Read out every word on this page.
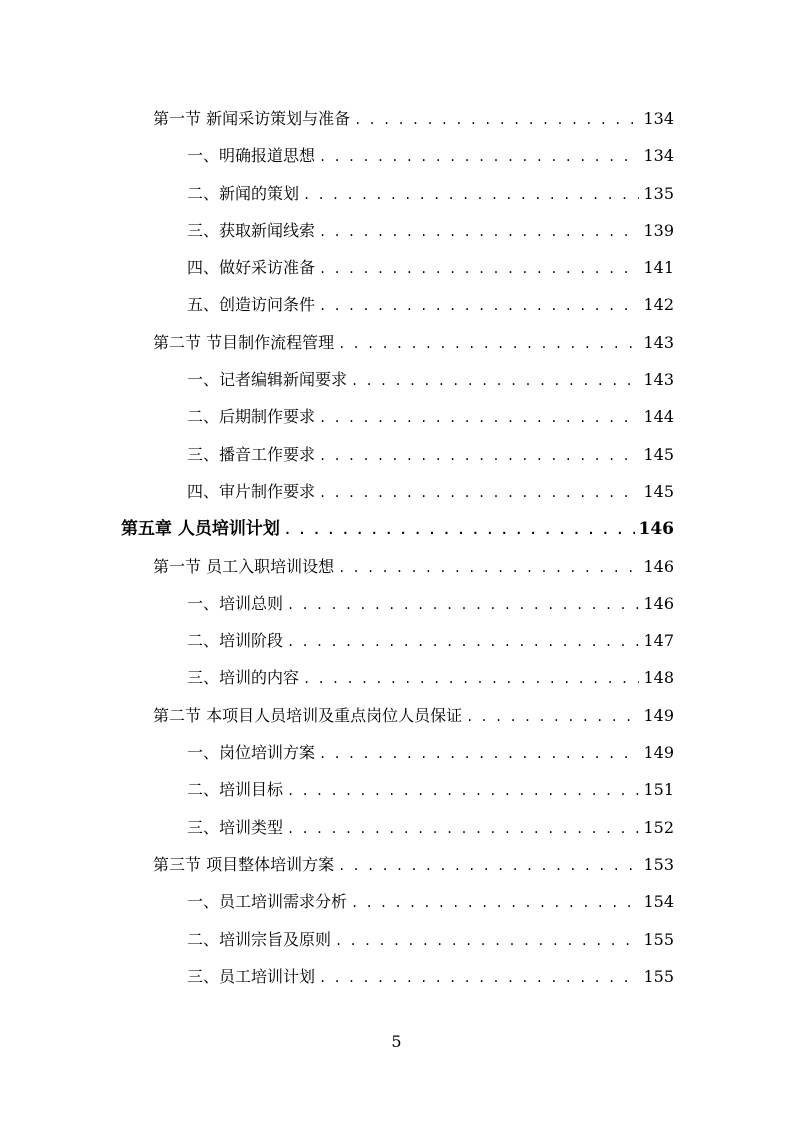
第一节 新闻采访策划与准备 . . .	134
一、明确报道思想 . . .	134
二、新闻的策划 . . .	135
三、获取新闻线索 . . .	139
四、做好采访准备 . . .	141
五、创造访问条件 . . .	142
第二节 节目制作流程管理 . . .	143
一、记者编辑新闻要求 . . .	143
二、后期制作要求 . . .	144
三、播音工作要求 . . .	145
四、审片制作要求 . . .	145
第五章 人员培训计划 . . .	146
第一节 员工入职培训设想 . . .	146
一、培训总则 . . .	146
二、培训阶段 . . .	147
三、培训的内容 . . .	148
第二节 本项目人员培训及重点岗位人员保证 . . .	149
一、岗位培训方案 . . .	149
二、培训目标 . . .	151
三、培训类型 . . .	152
第三节 项目整体培训方案 . . .	153
一、员工培训需求分析 . . .	154
二、培训宗旨及原则 . . .	155
三、员工培训计划 . . .	155
5
